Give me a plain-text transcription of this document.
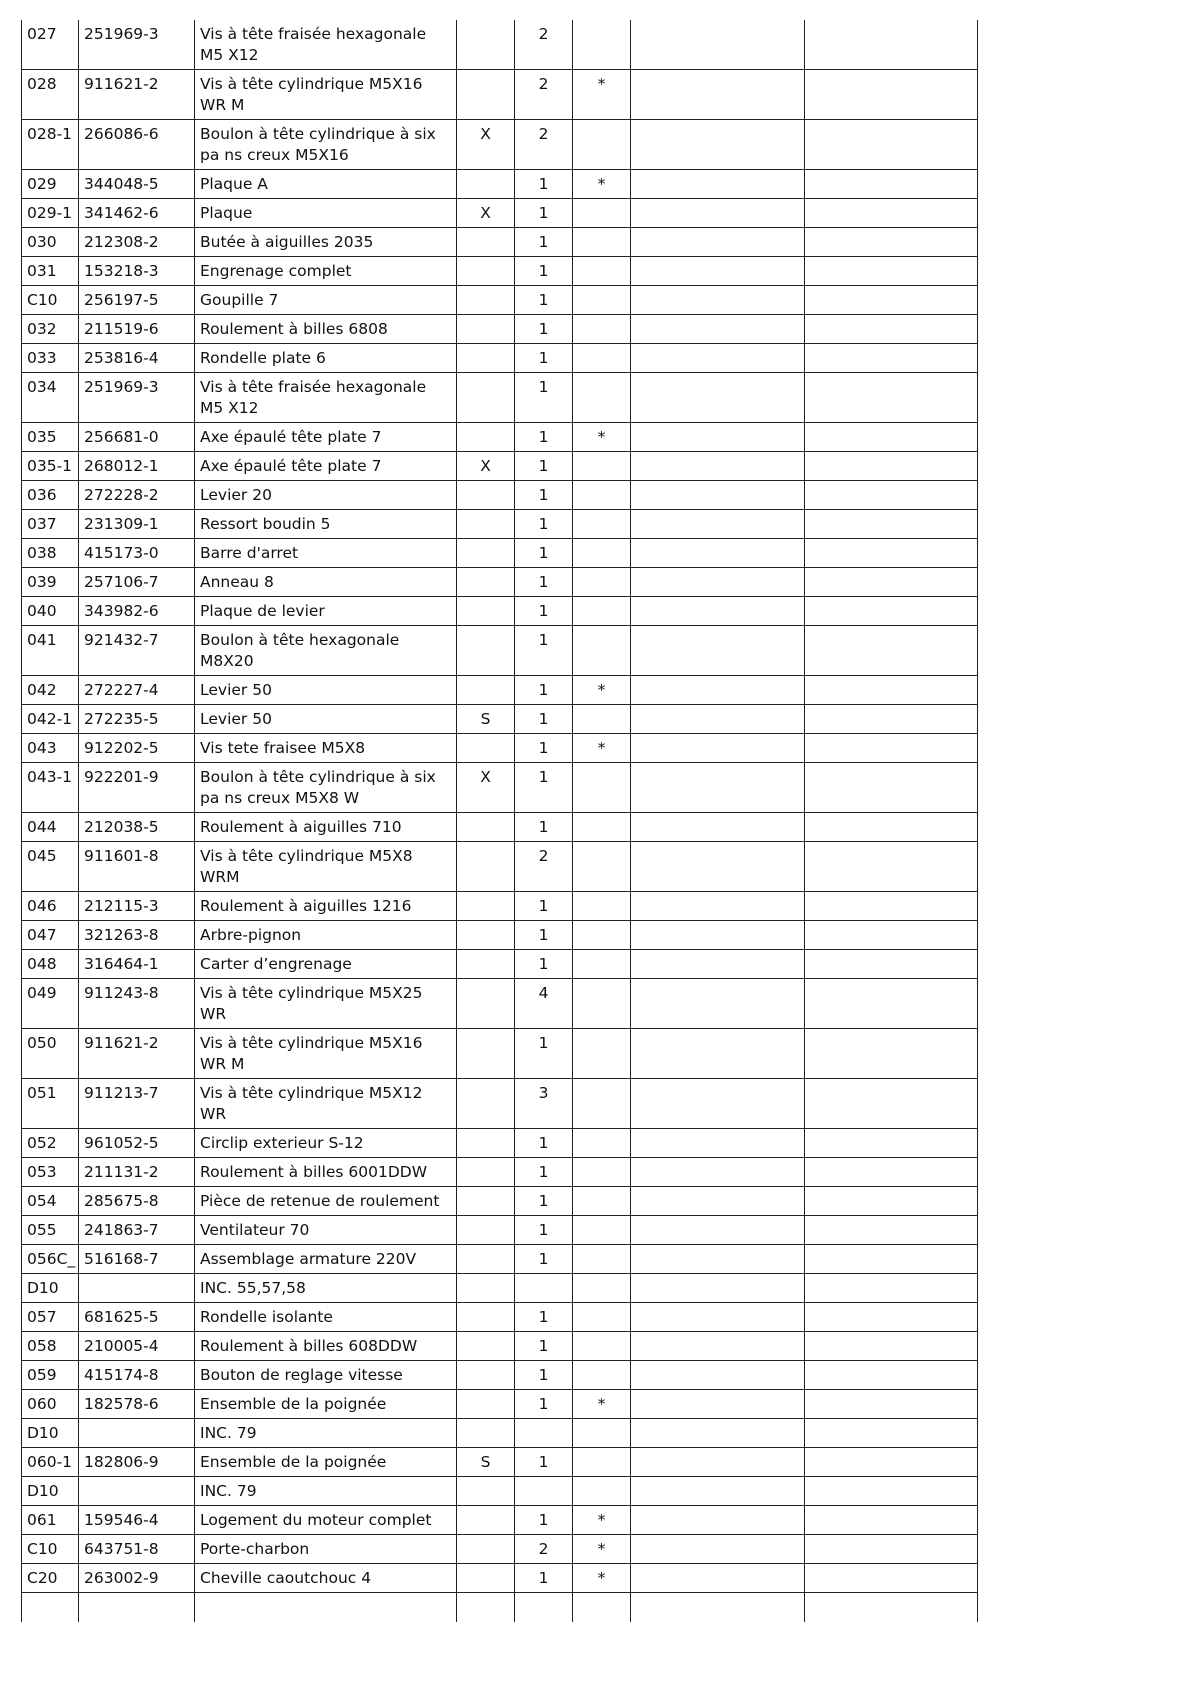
027	251969-3	Vis à tête fraisée hexagonale M5 X12		2			
028	911621-2	Vis à tête cylindrique M5X16 WR M		2	*		
028-1	266086-6	Boulon à tête cylindrique à six pa ns creux M5X16	X	2			
029	344048-5	Plaque A		1	*		
029-1	341462-6	Plaque	X	1			
030	212308-2	Butée à aiguilles 2035		1			
031	153218-3	Engrenage complet		1			
C10	256197-5	Goupille 7		1			
032	211519-6	Roulement à billes 6808		1			
033	253816-4	Rondelle plate 6		1			
034	251969-3	Vis à tête fraisée hexagonale M5 X12		1			
035	256681-0	Axe épaulé tête plate 7		1	*		
035-1	268012-1	Axe épaulé tête plate 7	X	1			
036	272228-2	Levier 20		1			
037	231309-1	Ressort boudin 5		1			
038	415173-0	Barre d'arret		1			
039	257106-7	Anneau 8		1			
040	343982-6	Plaque de levier		1			
041	921432-7	Boulon à tête hexagonale M8X20		1			
042	272227-4	Levier 50		1	*		
042-1	272235-5	Levier 50	S	1			
043	912202-5	Vis tete fraisee M5X8		1	*		
043-1	922201-9	Boulon à tête cylindrique à six pa ns creux M5X8 W	X	1			
044	212038-5	Roulement à aiguilles 710		1			
045	911601-8	Vis à tête cylindrique M5X8 WRM		2			
046	212115-3	Roulement à aiguilles 1216		1			
047	321263-8	Arbre-pignon		1			
048	316464-1	Carter d’engrenage		1			
049	911243-8	Vis à tête cylindrique M5X25 WR		4			
050	911621-2	Vis à tête cylindrique M5X16 WR M		1			
051	911213-7	Vis à tête cylindrique M5X12 WR		3			
052	961052-5	Circlip exterieur S-12		1			
053	211131-2	Roulement à billes 6001DDW		1			
054	285675-8	Pièce de retenue de roulement		1			
055	241863-7	Ventilateur 70		1			
056C_	516168-7	Assemblage armature 220V		1			
D10		INC. 55,57,58					
057	681625-5	Rondelle isolante		1			
058	210005-4	Roulement à billes 608DDW		1			
059	415174-8	Bouton de reglage vitesse		1			
060	182578-6	Ensemble de la poignée		1	*		
D10		INC. 79					
060-1	182806-9	Ensemble de la poignée	S	1			
D10		INC. 79					
061	159546-4	Logement du moteur complet		1	*		
C10	643751-8	Porte-charbon		2	*		
C20	263002-9	Cheville caoutchouc 4		1	*		
